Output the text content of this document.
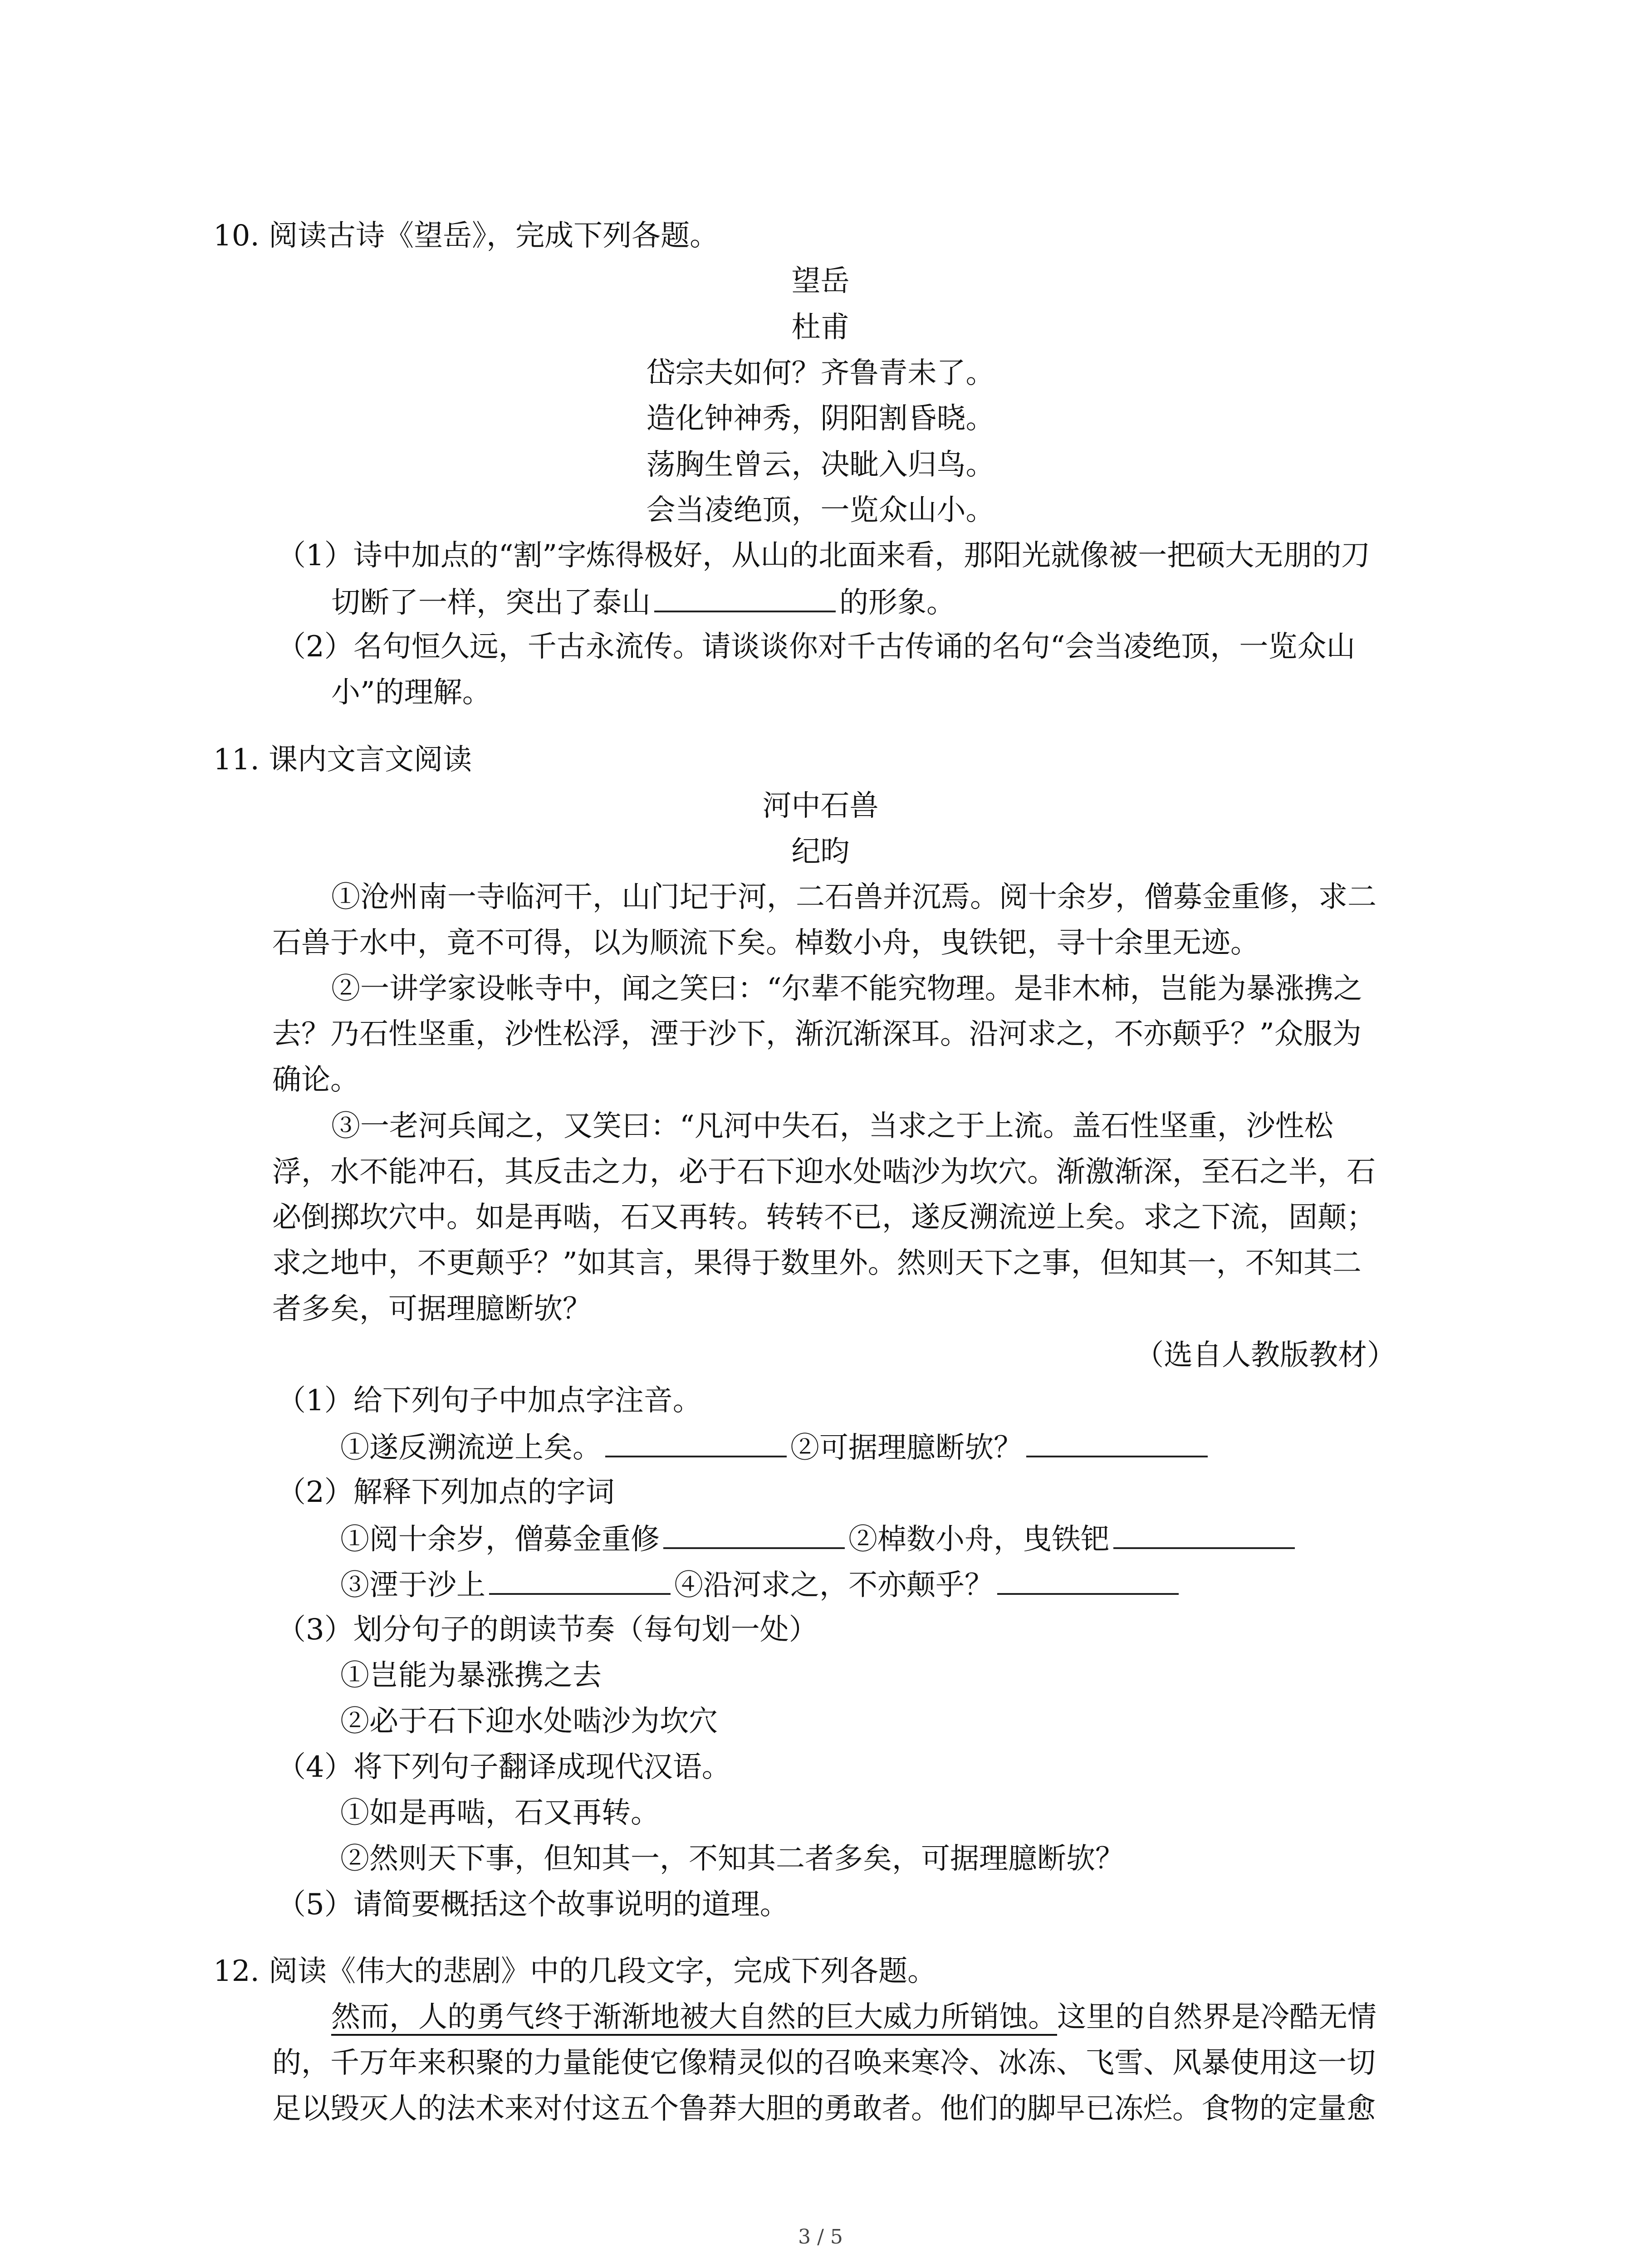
10. 阅读古诗《望岳》，完成下列各题。
望岳
杜甫
岱宗夫如何？齐鲁青未了。
造化钟神秀，阴阳割昏晓。
荡胸生曾云，决眦入归鸟。
会当凌绝顶，一览众山小。
（1）诗中加点的“割”字炼得极好，从山的北面来看，那阳光就像被一把硕大无朋的刀
切断了一样，突出了泰山	的形象。
（2）名句恒久远，千古永流传。请谈谈你对千古传诵的名句“会当凌绝顶，一览众山
小”的理解。
11. 课内文言文阅读
河中石兽
纪昀
①沧州南一寺临河干，山门圮于河，二石兽并沉焉。阅十余岁，僧募金重修，求二
石兽于水中，竟不可得，以为顺流下矣。棹数小舟，曳铁钯，寻十余里无迹。
②一讲学家设帐寺中，闻之笑曰：“尔辈不能究物理。是非木柿，岂能为暴涨携之
去？乃石性坚重，沙性松浮，湮于沙下，渐沉渐深耳。沿河求之，不亦颠乎？”众服为
确论。
③一老河兵闻之，又笑曰：“凡河中失石，当求之于上流。盖石性坚重，沙性松
浮，水不能冲石，其反击之力，必于石下迎水处啮沙为坎穴。渐激渐深，至石之半，石
必倒掷坎穴中。如是再啮，石又再转。转转不已，遂反溯流逆上矣。求之下流，固颠；
求之地中，不更颠乎？”如其言，果得于数里外。然则天下之事，但知其一，不知其二
者多矣，可据理臆断欤？
（选自人教版教材）
（1）给下列句子中加点字注音。
①遂反溯流逆上矣。	②可据理臆断欤？
（2）解释下列加点的字词
①阅十余岁，僧募金重修	②棹数小舟，曳铁钯
③湮于沙上	④沿河求之，不亦颠乎？
（3）划分句子的朗读节奏（每句划一处）
①岂能为暴涨携之去
②必于石下迎水处啮沙为坎穴
（4）将下列句子翻译成现代汉语。
①如是再啮，石又再转。
②然则天下事，但知其一，不知其二者多矣，可据理臆断欤？
（5）请简要概括这个故事说明的道理。
12. 阅读《伟大的悲剧》中的几段文字，完成下列各题。
然而，人的勇气终于渐渐地被大自然的巨大威力所销蚀。这里的自然界是冷酷无情
的，千万年来积聚的力量能使它像精灵似的召唤来寒冷、冰冻、飞雪、风暴使用这一切
足以毁灭人的法术来对付这五个鲁莽大胆的勇敢者。他们的脚早已冻烂。食物的定量愈
3 / 5
